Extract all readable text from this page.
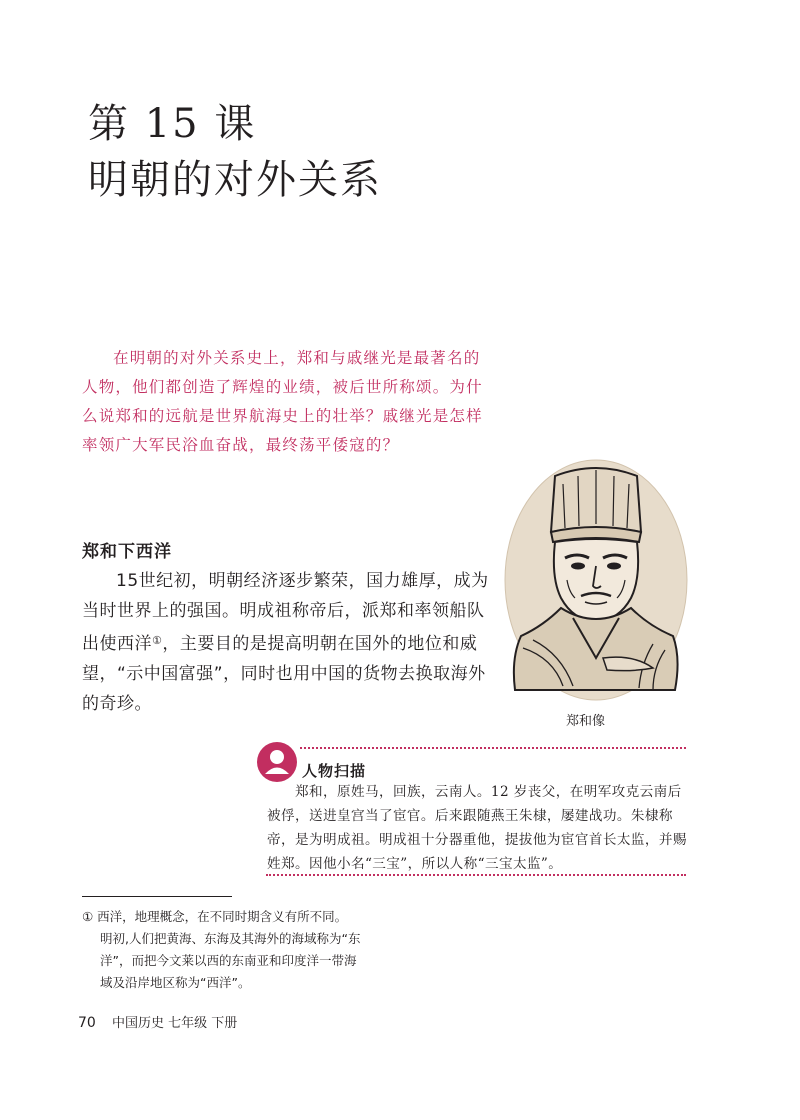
第 15 课
明朝的对外关系

在明朝的对外关系史上，郑和与戚继光是最著名的人物，他们都创造了辉煌的业绩，被后世所称颂。为什么说郑和的远航是世界航海史上的壮举？戚继光是怎样率领广大军民浴血奋战，最终荡平倭寇的？

郑和下西洋

15世纪初，明朝经济逐步繁荣，国力雄厚，成为当时世界上的强国。明成祖称帝后，派郑和率领船队出使西洋①，主要目的是提高明朝在国外的地位和威望，“示中国富强”，同时也用中国的货物去换取海外的奇珍。

郑和像
人物扫描

郑和，原姓马，回族，云南人。12 岁丧父，在明军攻克云南后被俘，送进皇宫当了宦官。后来跟随燕王朱棣，屡建战功。朱棣称帝，是为明成祖。明成祖十分器重他，提拔他为宦官首长太监，并赐姓郑。因他小名“三宝”，所以人称“三宝太监”。

① 西洋，地理概念，在不同时期含义有所不同。
明初,人们把黄海、东海及其海外的海域称为“东
洋”，而把今文莱以西的东南亚和印度洋一带海
域及沿岸地区称为“西洋”。
70 中国历史 七年级 下册
